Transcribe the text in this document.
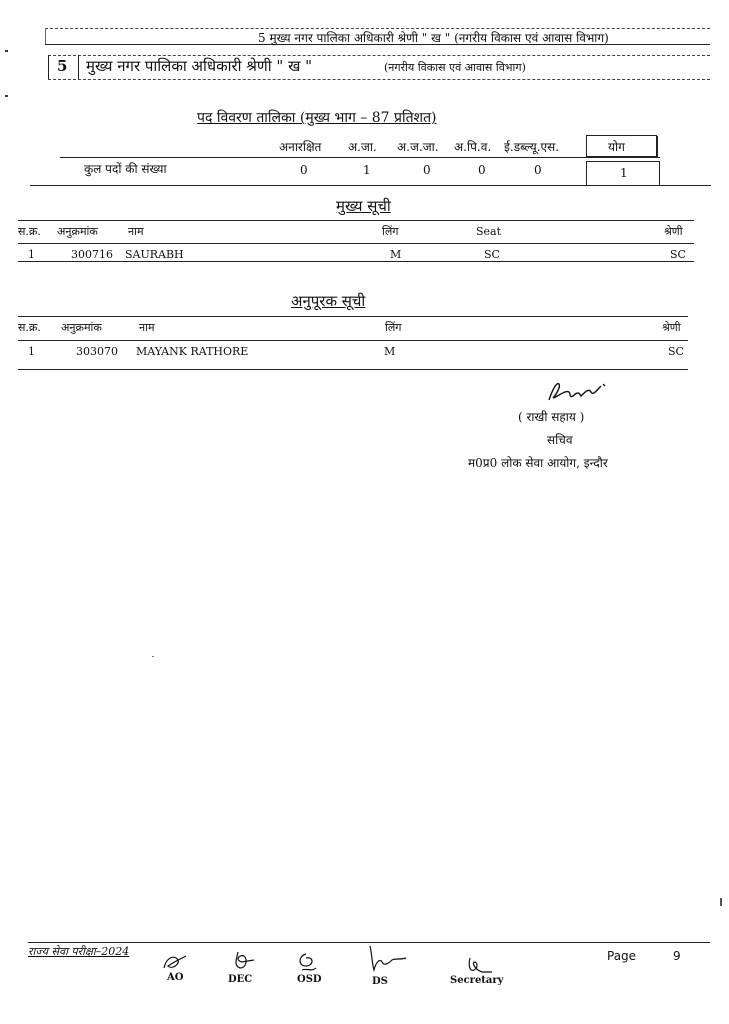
5 मुख्य नगर पालिका अधिकारी श्रेणी " ख " (नगरीय विकास एवं आवास विभाग)
5 मुख्य नगर पालिका अधिकारी श्रेणी " ख "	(नगरीय विकास एवं आवास विभाग)
पद विवरण तालिका (मुख्य भाग – 87 प्रतिशत)
अनारक्षित अ.जा. अ.ज.जा. अ.पि.व. ई.डब्ल्यू.एस.	योग
कुल पदों की संख्या	0	1	0	0	0	1
मुख्य सूची
स.क्र. अनुक्रमांक	नाम	लिंग	Seat	श्रेणी
1	300716 SAURABH	M	SC	SC
अनुपूरक सूची
स.क्र. अनुक्रमांक	नाम	लिंग	श्रेणी
1	303070 MAYANK RATHORE	M	SC
( राखी सहाय )
सचिव
म0प्र0 लोक सेवा आयोग, इन्दौर
राज्य सेवा परीक्षा–2024	Page	9
AO	DEC	OSD	DS	Secretary
